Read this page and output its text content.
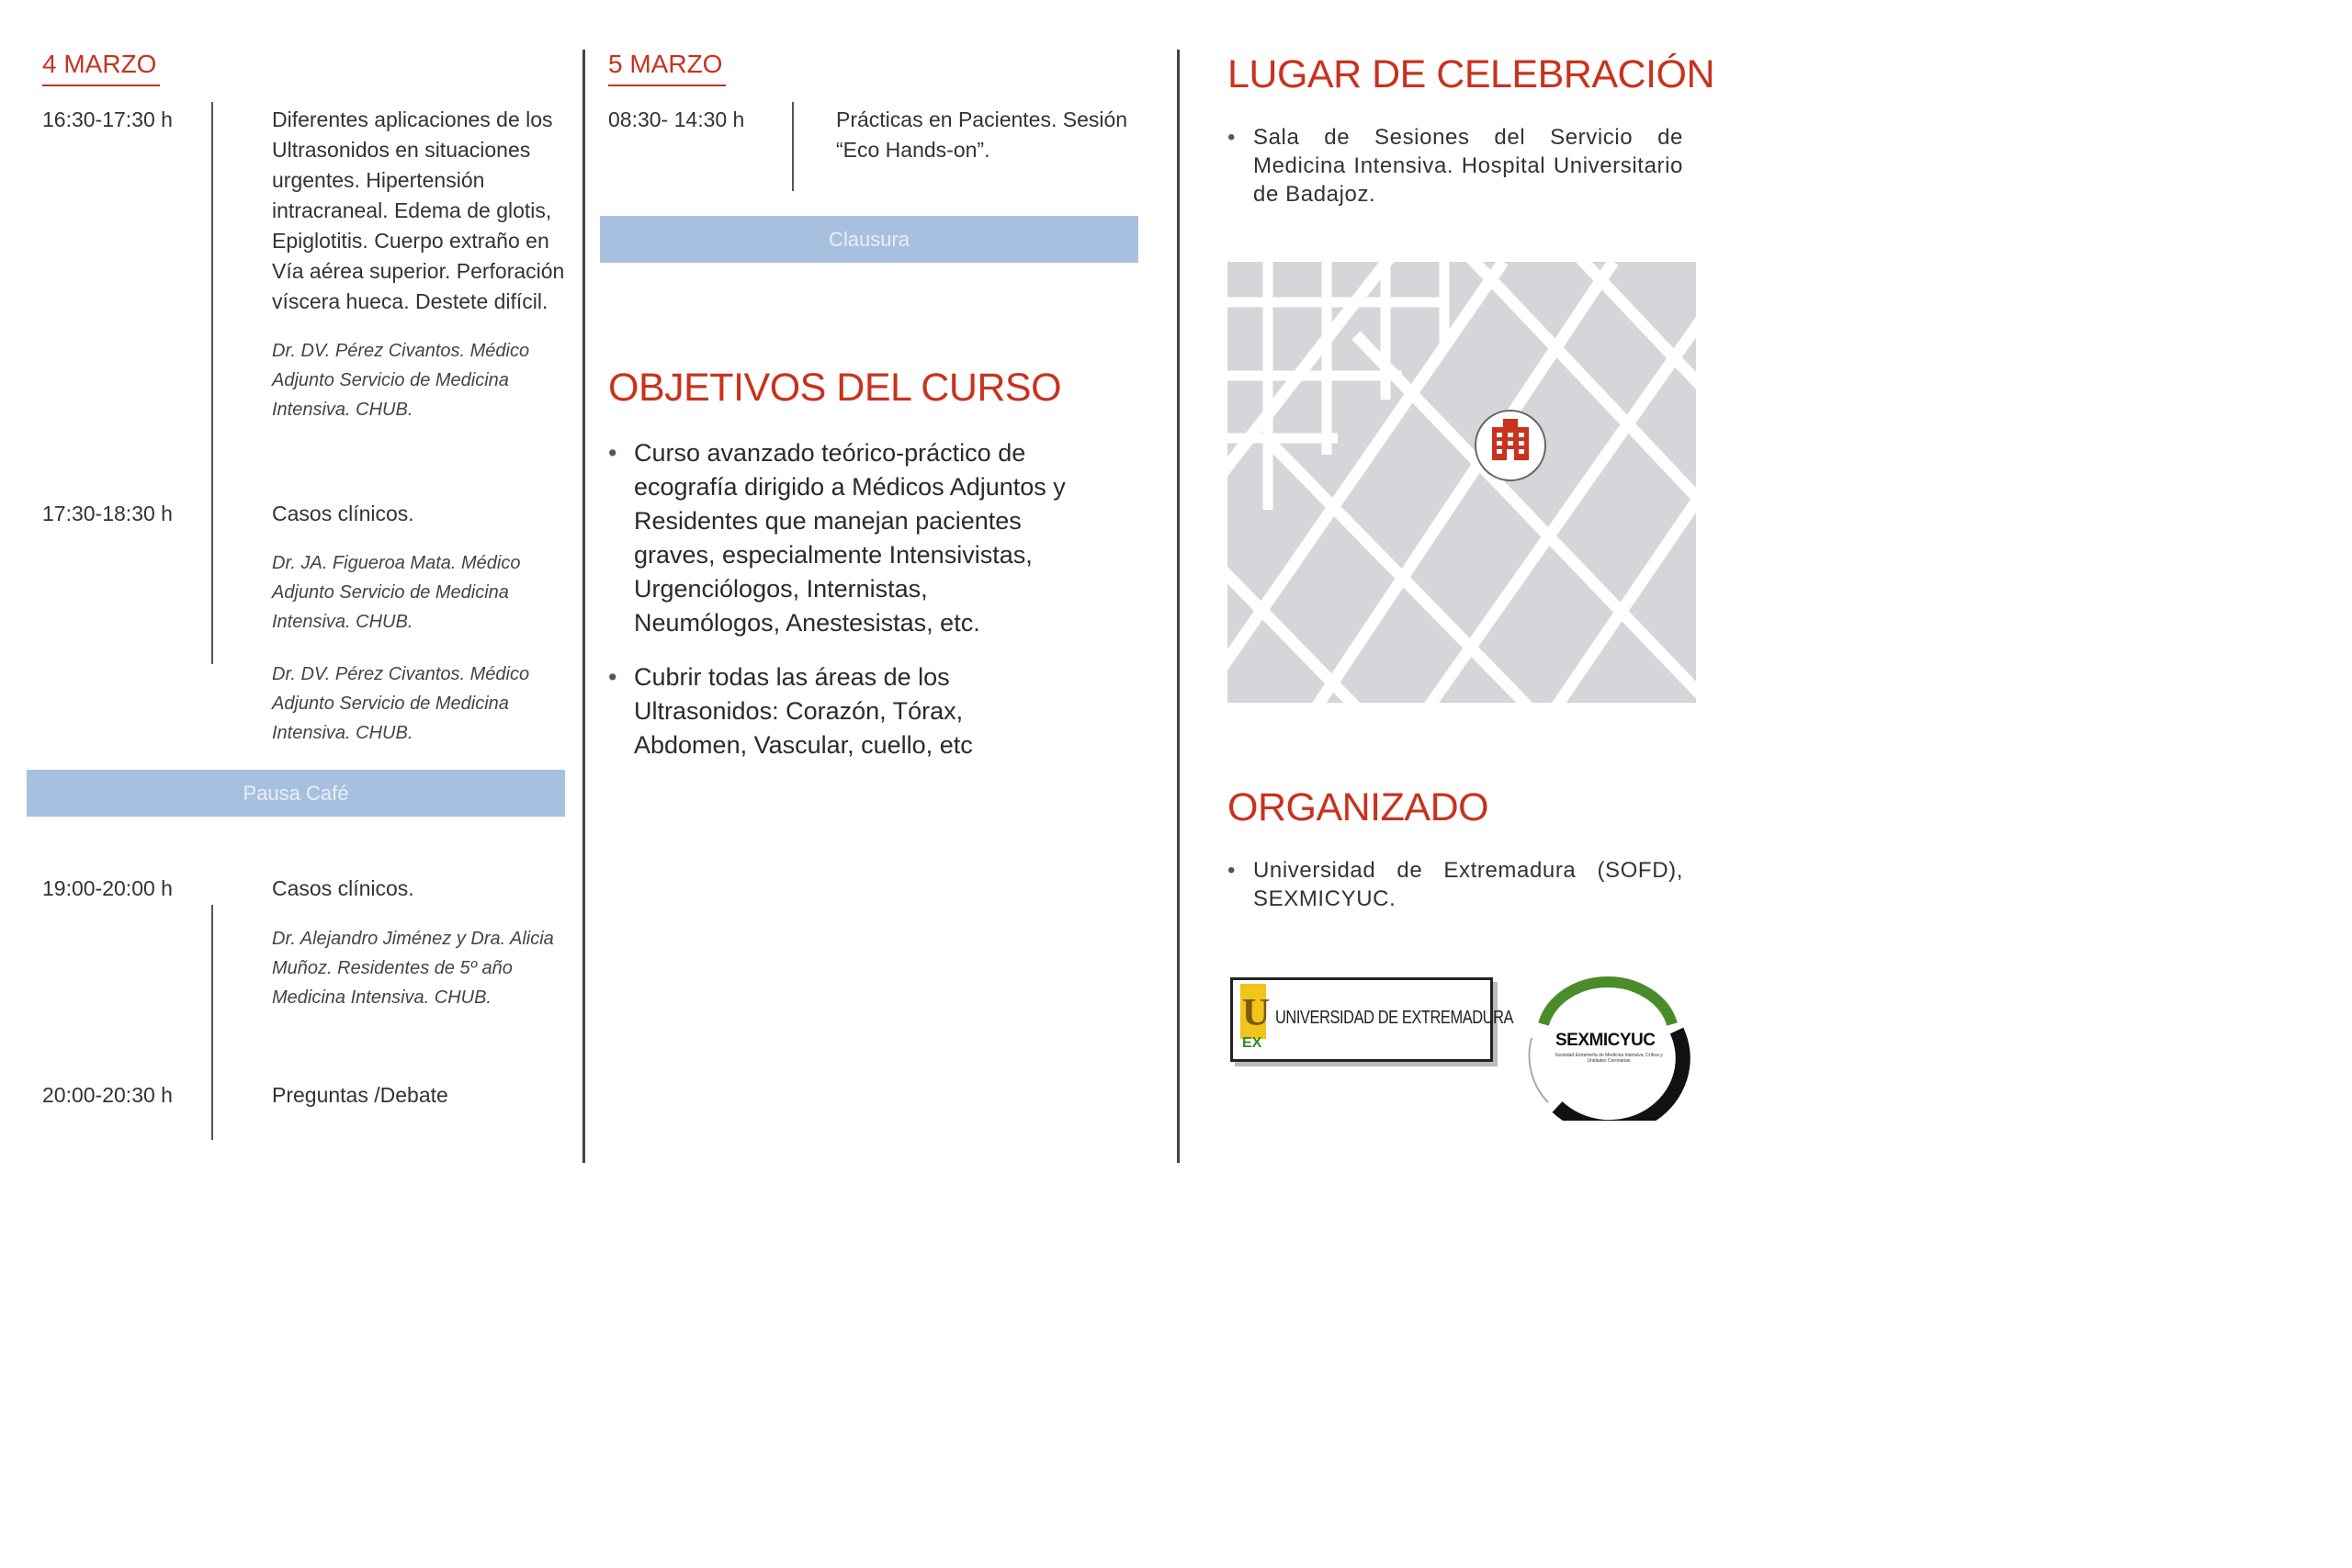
4 MARZO
16:30-17:30 h	Diferentes aplicaciones de los Ultrasonidos en situaciones urgentes. Hipertensión intracraneal. Edema de glotis, Epiglotitis. Cuerpo extraño en Vía aérea superior. Perforación víscera hueca. Destete difícil.
Dr. DV. Pérez Civantos. Médico Adjunto Servicio de Medicina Intensiva. CHUB.
17:30-18:30 h	Casos clínicos.
Dr. JA. Figueroa Mata. Médico Adjunto Servicio de Medicina Intensiva. CHUB.
Dr. DV. Pérez Civantos. Médico Adjunto Servicio de Medicina Intensiva. CHUB.
Pausa Café
19:00-20:00 h	Casos clínicos.
Dr. Alejandro Jiménez y Dra. Alicia Muñoz. Residentes de 5º año Medicina Intensiva. CHUB.
20:00-20:30 h	Preguntas /Debate
5 MARZO
08:30- 14:30 h	Prácticas en Pacientes. Sesión “Eco Hands-on”.
Clausura
OBJETIVOS DEL CURSO
• Curso avanzado teórico-práctico de ecografía dirigido a Médicos Adjuntos y Residentes que manejan pacientes graves, especialmente Intensivistas, Urgenciólogos, Internistas, Neumólogos, Anestesistas, etc.
• Cubrir todas las áreas de los Ultrasonidos: Corazón, Tórax, Abdomen, Vascular, cuello, etc
LUGAR DE CELEBRACIÓN
• Sala de Sesiones del Servicio de Medicina Intensiva. Hospital Universitario de Badajoz.
ORGANIZADO
• Universidad de Extremadura (SOFD), SEXMICYUC.
U
EX
UNIVERSIDAD DE EXTREMADURA
SEXMICYUC
Sociedad Extremeña de Medicina Intensiva, Crítica y Unidades Coronarias
